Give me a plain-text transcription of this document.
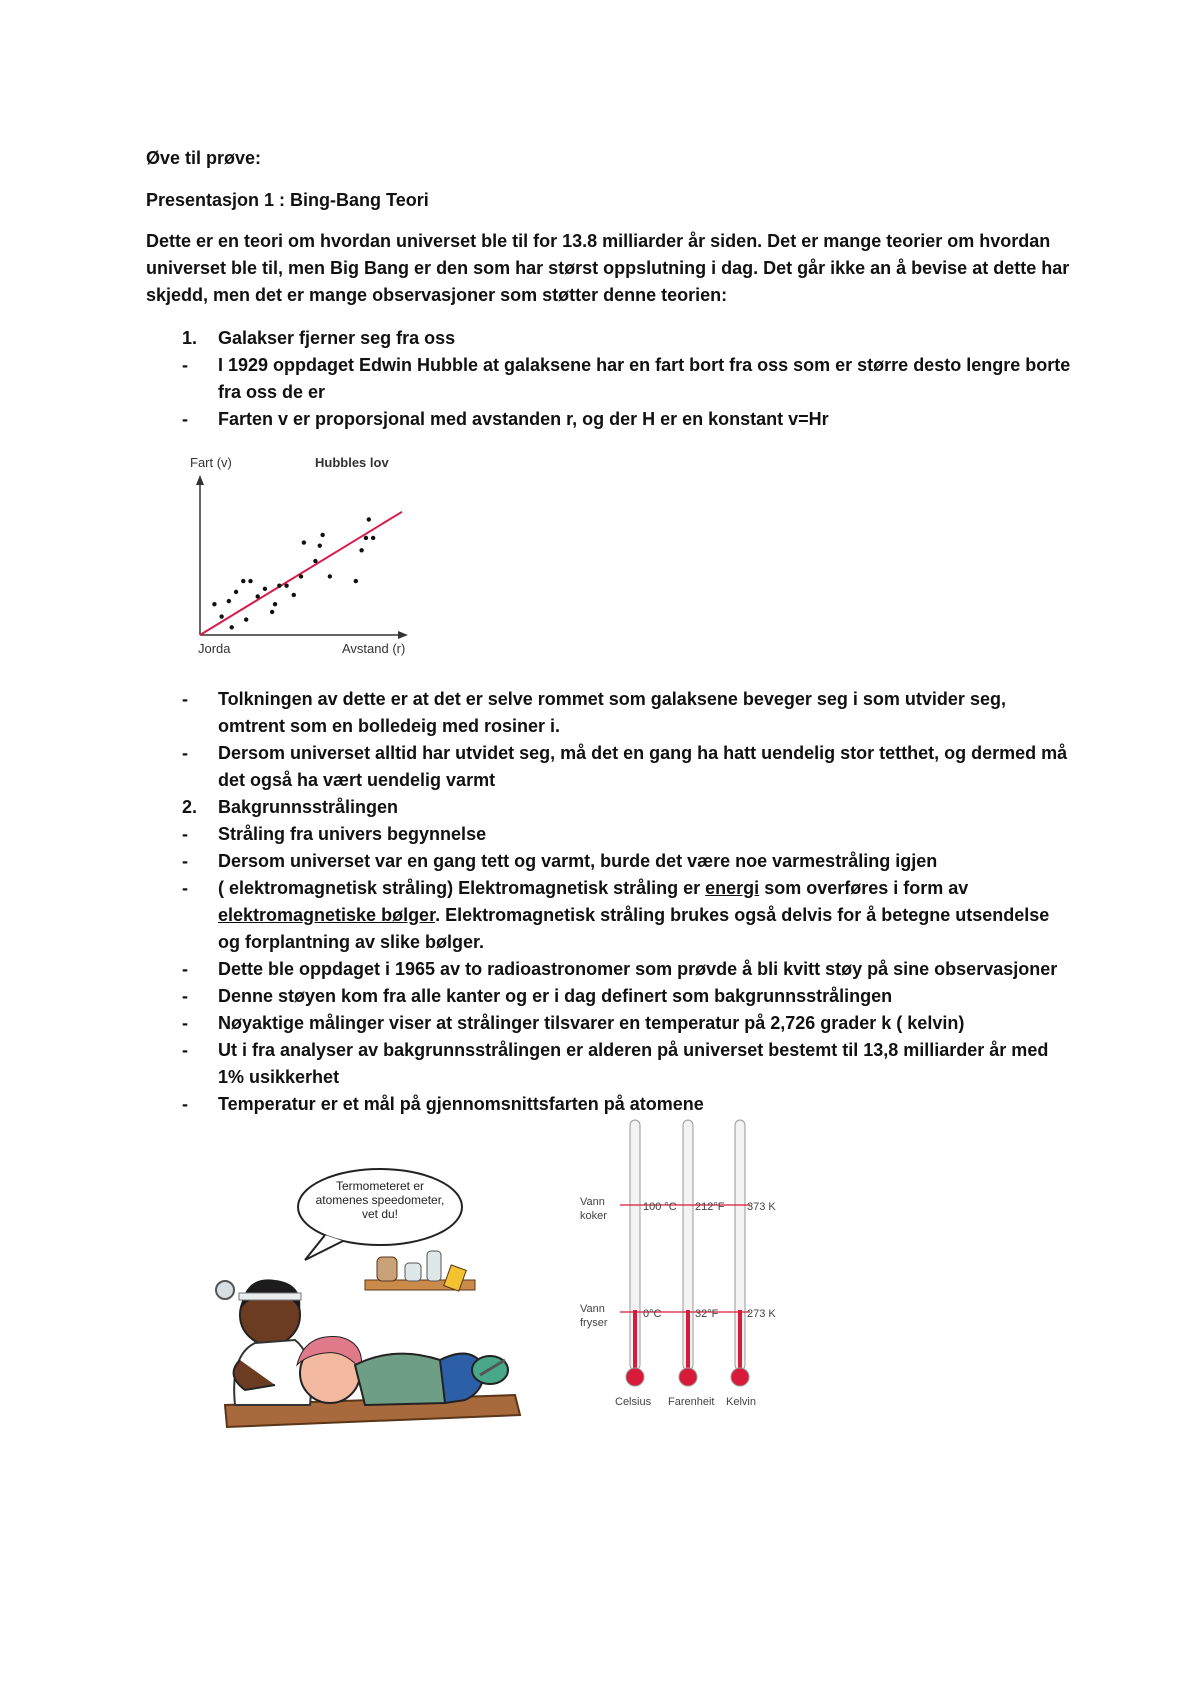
Øve til prøve:
Presentasjon 1 : Bing-Bang Teori
Dette er en teori om hvordan universet ble til for 13.8 milliarder år siden. Det er mange teorier om hvordan universet ble til, men Big Bang er den som har størst oppslutning i dag. Det går ikke an å bevise at dette har skjedd, men det er mange observasjoner som støtter denne teorien:
1.	Galakser fjerner seg fra oss
-	I 1929 oppdaget Edwin Hubble at galaksene har en fart bort fra oss som er større desto lengre borte fra oss de er
-	Farten v er proporsjonal med avstanden r, og der H er en konstant v=Hr
Fart (v)	Hubbles lov
Jorda	Avstand (r)
-	Tolkningen av dette er at det er selve rommet som galaksene beveger seg i som utvider seg, omtrent som en bolledeig med rosiner i.
-	Dersom universet alltid har utvidet seg, må det en gang ha hatt uendelig stor tetthet, og dermed må det også ha vært uendelig varmt
2.	Bakgrunnsstrålingen
-	Stråling fra univers begynnelse
-	Dersom universet var en gang tett og varmt, burde det være noe varmestråling igjen
-	( elektromagnetisk stråling) Elektromagnetisk stråling er energi som overføres i form av elektromagnetiske bølger. Elektromagnetisk stråling brukes også delvis for å betegne utsendelse og forplantning av slike bølger.
-	Dette ble oppdaget i 1965 av to radioastronomer som prøvde å bli kvitt støy på sine observasjoner
-	Denne støyen kom fra alle kanter og er i dag definert som bakgrunnsstrålingen
-	Nøyaktige målinger viser at strålinger tilsvarer en temperatur på 2,726 grader k ( kelvin)
-	Ut i fra analyser av bakgrunnsstrålingen er alderen på universet bestemt til 13,8 milliarder år med 1% usikkerhet
-	Temperatur er et mål på gjennomsnittsfarten på atomene
Termometeret er atomenes speedometer, vet du!
Vann koker
Vann fryser
100 °C 212°F 373 K
0°C	32°F	273 K
Celsius Farenheit Kelvin
